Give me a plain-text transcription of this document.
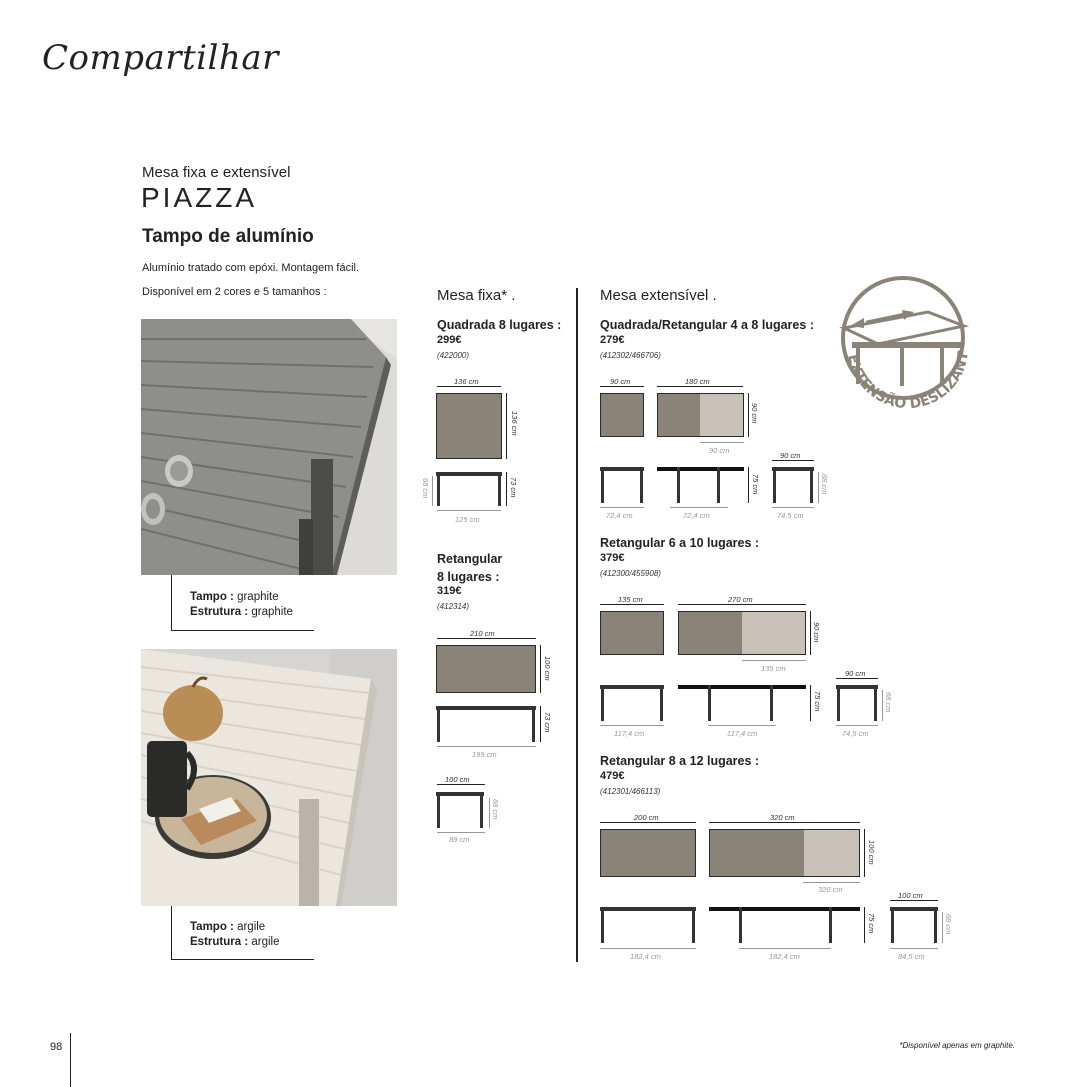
Compartilhar
Mesa fixa e extensível
PIAZZA
Tampo de alumínio
Alumínio tratado com epóxi. Montagem fácil.
Disponível em 2 cores e 5 tamanhos :
Tampo : graphite
Estrutura : graphite
Tampo : argile
Estrutura : argile
Mesa fixa* .
Quadrada 8 lugares :
299€
(422000)
136 cm
136 cm
73 cm
68 cm
125 cm
Retangular
8 lugares :
319€
(412314)
210 cm
100 cm
73 cm
199 cm
100 cm
68 cm
89 cm
Mesa extensível .
EXTENSÃO DESLIZANT
Quadrada/Retangular 4 a 8 lugares :
279€
(412302/466706)
90 cm	180 cm
90 cm
90 cm
90 cm
75 cm	68 cm
72,4 cm	72,4 cm	74,5 cm
Retangular 6 a 10 lugares :
379€
(412300/455908)
135 cm	270 cm
90 cm
135 cm
90 cm
75 cm	68 cm
117,4 cm	117,4 cm	74,5 cm
Retangular 8 a 12 lugares :
479€
(412301/466113)
200 cm	320 cm
100 cm
320 cm
100 cm
75 cm	68 cm
182,4 cm	182,4 cm	84,5 cm
*Disponível apenas em graphite.
98
